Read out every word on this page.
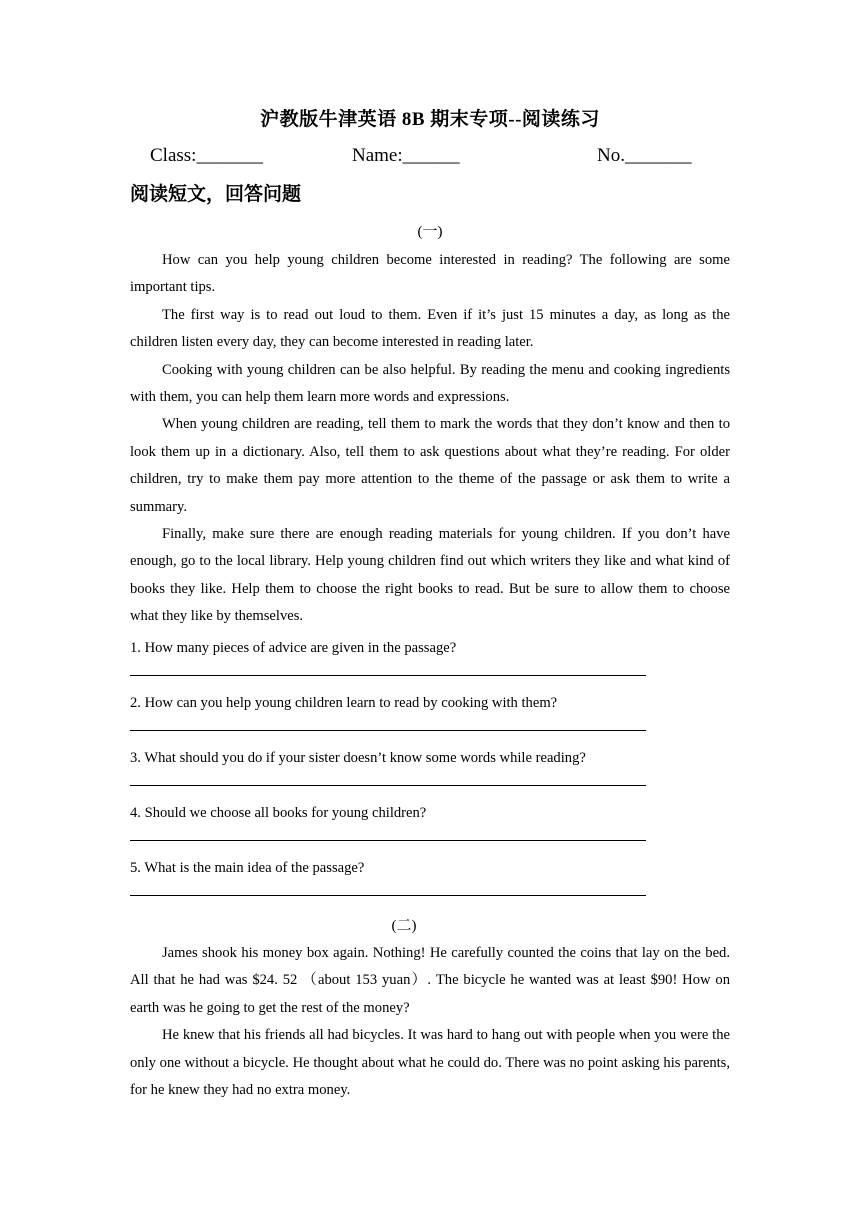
沪教版牛津英语 8B 期末专项--阅读练习
Class:_______	Name:______	No._______
阅读短文，回答问题
(一)

How can you help young children become interested in reading? The following are some important tips.

The first way is to read out loud to them. Even if it’s just 15 minutes a day, as long as the children listen every day, they can become interested in reading later.

Cooking with young children can be also helpful. By reading the menu and cooking ingredients with them, you can help them learn more words and expressions.

When young children are reading, tell them to mark the words that they don’t know and then to look them up in a dictionary. Also, tell them to ask questions about what they’re reading. For older children, try to make them pay more attention to the theme of the passage or ask them to write a summary.

Finally, make sure there are enough reading materials for young children. If you don’t have enough, go to the local library. Help young children find out which writers they like and what kind of books they like. Help them to choose the right books to read. But be sure to allow them to choose what they like by themselves.

1. How many pieces of advice are given in the passage?
2. How can you help young children learn to read by cooking with them?
3. What should you do if your sister doesn’t know some words while reading?
4. Should we choose all books for young children?
5. What is the main idea of the passage?
(二)

James shook his money box again. Nothing! He carefully counted the coins that lay on the bed. All that he had was $24. 52 （about 153 yuan）. The bicycle he wanted was at least $90! How on earth was he going to get the rest of the money?

He knew that his friends all had bicycles. It was hard to hang out with people when you were the only one without a bicycle. He thought about what he could do. There was no point asking his parents, for he knew they had no extra money.
